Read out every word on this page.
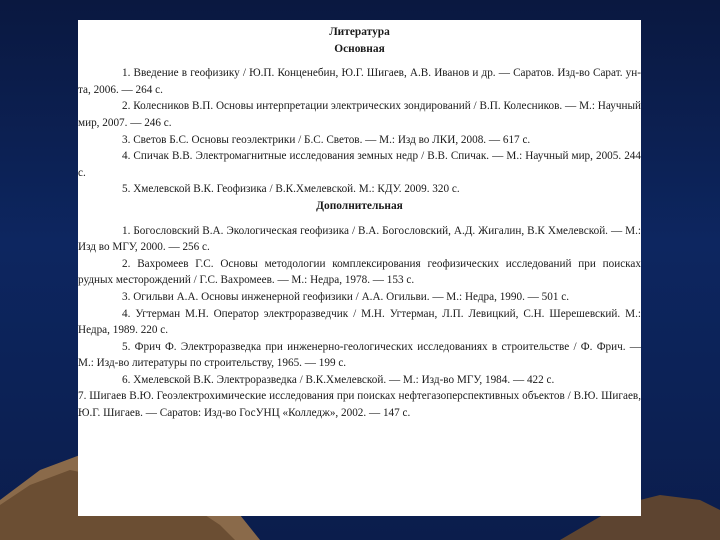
Литература
Основная

1. Введение в геофизику / Ю.П. Конценебин, Ю.Г. Шигаев, А.В. Иванов и др. — Саратов. Изд-во Сарат. ун-та, 2006. — 264 с.

2. Колесников В.П. Основы интерпретации электрических зондирований / В.П. Колесников. — М.: Научный мир, 2007. — 246 с.

3. Светов Б.С. Основы геоэлектрики / Б.С. Светов. — М.: Изд во ЛКИ, 2008. — 617 с.

4. Спичак В.В. Электромагнитные исследования земных недр / В.В. Спичак. — М.: Научный мир, 2005. 244 с.

5. Хмелевской В.К. Геофизика / В.К.Хмелевской. М.: КДУ. 2009. 320 с.

Дополнительная

1. Богословский В.А. Экологическая геофизика / В.А. Богословский, А.Д. Жигалин, В.К Хмелевской. — М.: Изд во МГУ, 2000. — 256 с.

2. Вахромеев Г.С. Основы методологии комплексирования геофизических исследований при поисках рудных месторождений / Г.С. Вахромеев. — М.: Недра, 1978. — 153 с.

3. Огильви А.А. Основы инженерной геофизики / А.А. Огильви. — М.: Недра, 1990. — 501 с.

4. Угтерман М.Н. Оператор электроразведчик / М.Н. Угтерман, Л.П. Левицкий, С.Н. Шерешевский. М.: Недра, 1989. 220 с.

5. Фрич Ф. Электроразведка при инженерно-геологических исследованиях в строительстве / Ф. Фрич. — М.: Изд-во литературы по строительству, 1965. — 199 с.

6. Хмелевской В.К. Электроразведка / В.К.Хмелевской. — М.: Изд-во МГУ, 1984. — 422 с.

7. Шигаев В.Ю. Геоэлектрохимические исследования при поисках нефтегазоперспективных объектов / В.Ю. Шигаев, Ю.Г. Шигаев. — Саратов: Изд-во ГосУНЦ «Колледж», 2002. — 147 с.
